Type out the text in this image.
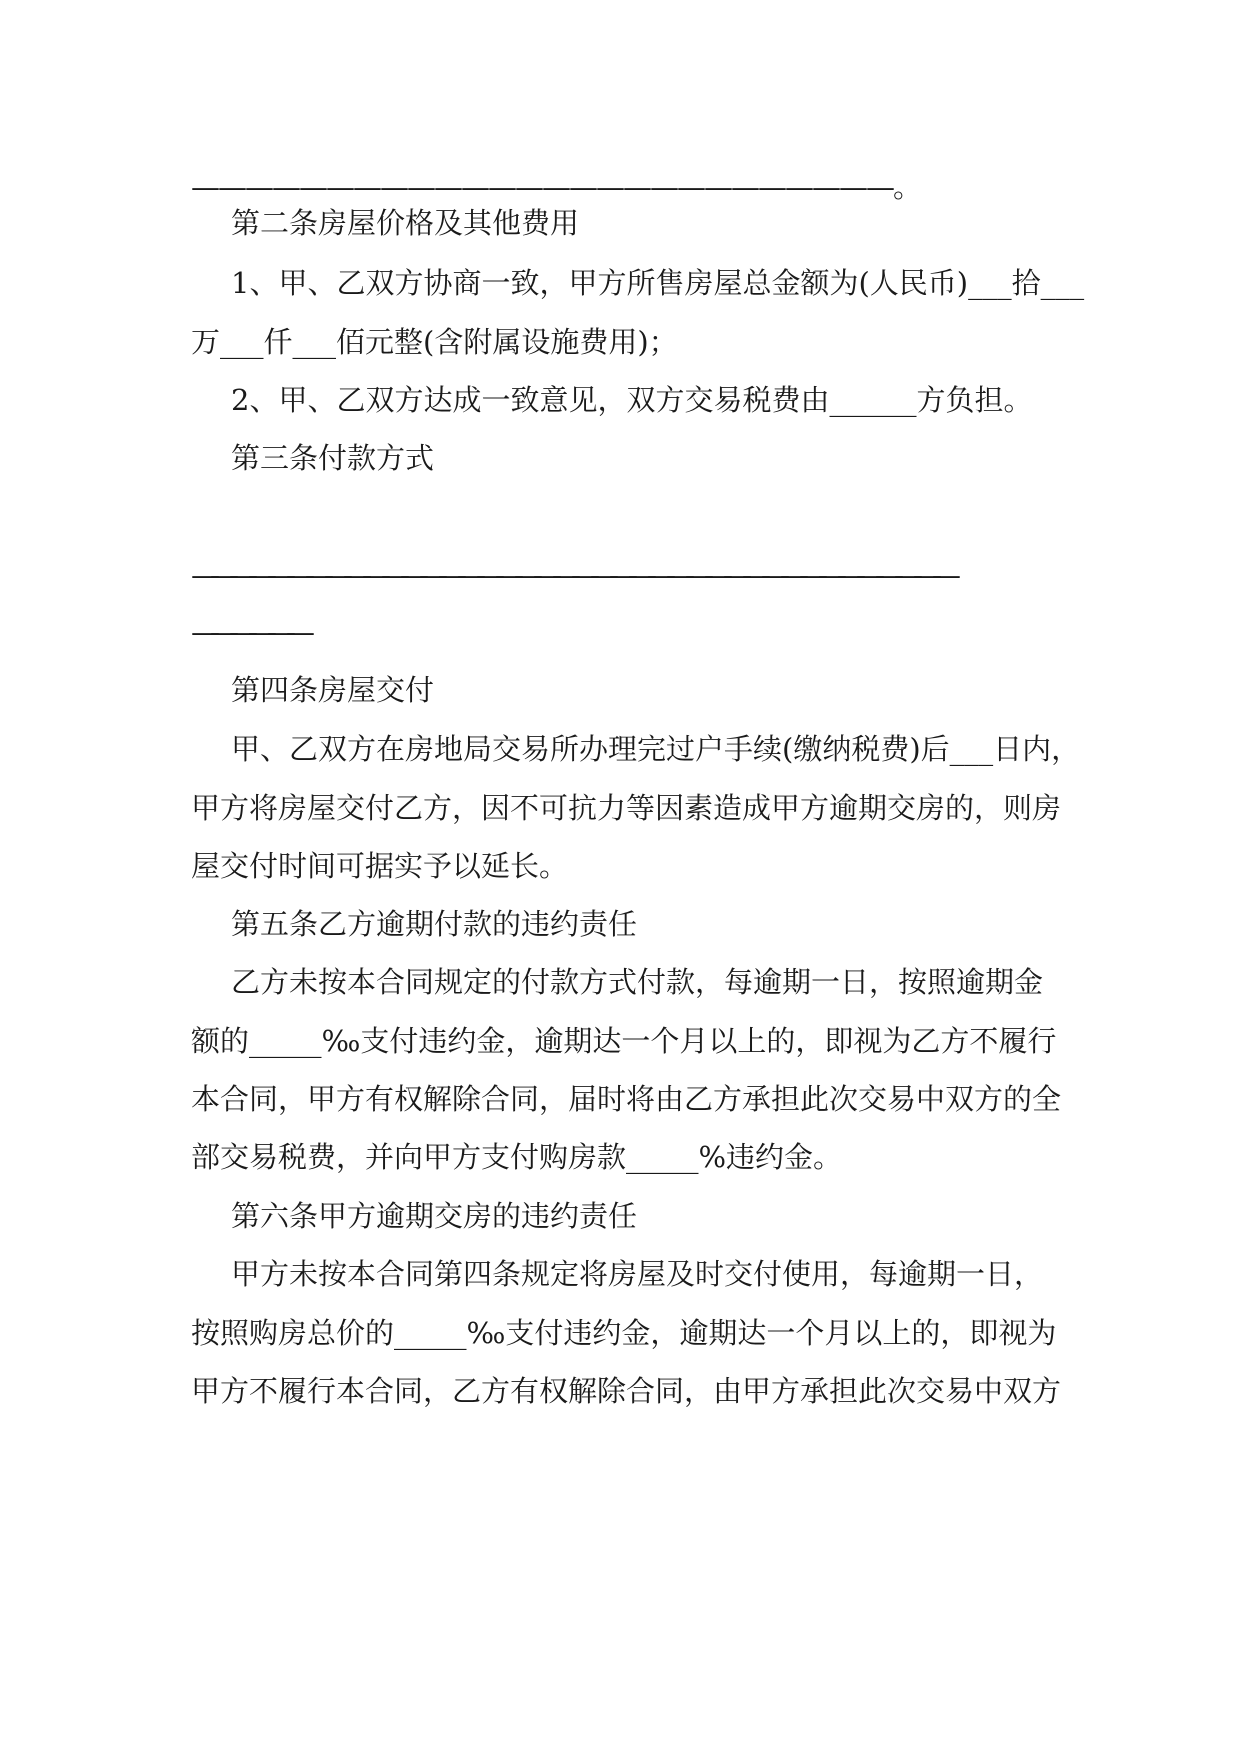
——————————————————————————。
第二条房屋价格及其他费用
1、甲、乙双方协商一致，甲方所售房屋总金额为(人民币)___拾___
万___仟___佰元整(含附属设施费用)；
2、甲、乙双方达成一致意见，双方交易税费由______方负担。
第三条付款方式
————————————————————————————————————————
——————
第四条房屋交付
甲、乙双方在房地局交易所办理完过户手续(缴纳税费)后___日内，
甲方将房屋交付乙方，因不可抗力等因素造成甲方逾期交房的，则房
屋交付时间可据实予以延长。
第五条乙方逾期付款的违约责任
乙方未按本合同规定的付款方式付款，每逾期一日，按照逾期金
额的_____‰支付违约金，逾期达一个月以上的，即视为乙方不履行
本合同，甲方有权解除合同，届时将由乙方承担此次交易中双方的全
部交易税费，并向甲方支付购房款_____%违约金。
第六条甲方逾期交房的违约责任
甲方未按本合同第四条规定将房屋及时交付使用，每逾期一日，
按照购房总价的_____‰支付违约金，逾期达一个月以上的，即视为
甲方不履行本合同，乙方有权解除合同，由甲方承担此次交易中双方
